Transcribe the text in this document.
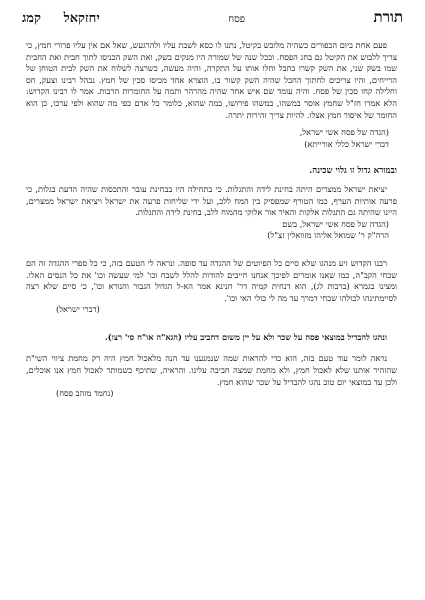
תורת
פסח
יחזקאל     קמג

פעם אחת ביום הכפורים כשהיה מלובש בקיטל, נתנו לו כסא לשבת עליו ולהרגעש, שאל אם אין עליו פרורי חמץ, כי צריך ללבוש את הקיטל גם בחג הפסח. ובכל שנה של שמורה היו מנקים בשק, ואת השק הכניסו לתוך חבית ואת החבית שמו בשק שני, את השק קשרו בחבל וחלו אותו על התקרה, והיה מעשה, כשרצה לשלוח את השק לבית הטוחן של הרייחים, והיו צריכים לחתוך החבל שהיה השק קשור בו, הוצרא אחד מכיסו סכין של חמץ. נבהל רבינו וצעק, חס וחלילה קחו סכין של פסח. והיה עומד שם איש אחד שהיה מהרהר ותמה על החומרות הרבות. אמר לו רבינו הקדוש: הלא אמרו חז"ל שחמץ אוסר במשהו, במשהו פירושו, במה שהוא, כלומר כל אדם כפי מה שהוא ולפי ערכו, כן הוא החומר של איסור חמץ אצלו. להיות צריך זהירות יתרה.

(הגדה של פסח אשי ישראל,

דברי ישראל כללי אורייתא)

ובמורא גדול זו גלוי שכינה.

יציאת ישראל ממצרים היתה בחינת לידה והתגלות. כי בתחילה היו בבחינת עובר והתכסות שהיה הדעת בגלות, כי פרעה אותיות הערף, כמו הטורף שמפסיק בין המח ללב, ועל ידי שליחות פרעה את ישראל ויציאת ישראל ממצרים, היינו שהיתה גם התגלות אלקות והאיר אור אלוקי מהמוח ללב, בחינת לידה והתגלות.

(הגדה של פסח אשי ישראל, בשם

הרה"ק ר' שמואל אליהו מזוואלין זצ"ל)

רבנו הקדוש זיע מנהגו שלא סיים כל הפיוטים של ההגדה עד סופה. ונראה לי הטעם בזה, כי כל ספרי ההגדה זה הם שבחי הקב"ה, כמו שאנו אומרים לפיכך אנחנו חייבים להודות להלל לשבח וכו' למי שעשה וכו' את כל הנסים האלו. ומצינו בגמרא (ברכות לג), הוא דנחית קמיה דר' חנינא אמר הא-ל הגדול הגבור והנורא וכו', כי סיים שלא רצה לסיימתינהו לכולהו שבחי דמרך עד מה לי כולי האי וכו'.

(דברי ישראל)

ונהגו להבדיל במוצאי פסח על שכר ולא על יין משום דחביב עליו (הגא"ה או"ח סי' רצו).

נראה לומר עוד טעם בזה, הוא כדי להראות שמה שנמנענו עד הנה מלאכול חמץ היה רק מחמת ציווי השי"ת שהזהיר אותנו שלא לאכול חמץ, ולא מחמת שמצה חביבה עלינו. והראיה, שתיכף כשמותר לאכול חמץ אנו אוכלים, ולכן עד במוצאי יום טוב נהגו להבדיל על שכר שהוא חמץ.

(נחמד מזהב פסח)
